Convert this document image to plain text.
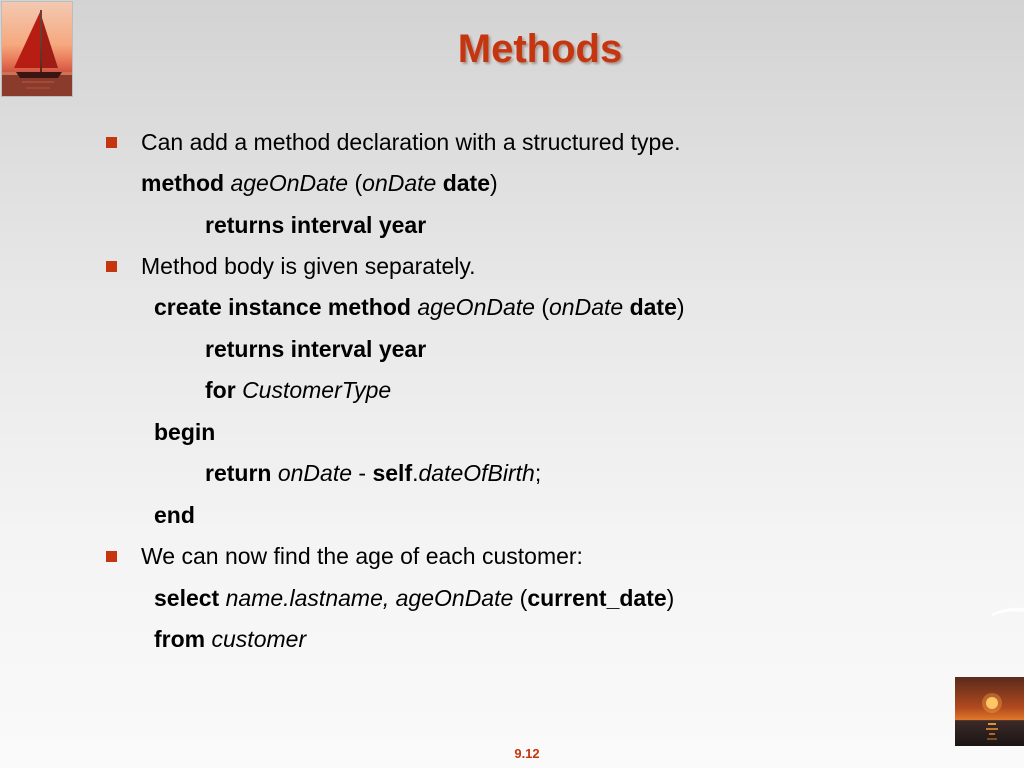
Methods
Can add a method declaration with a structured type.
method ageOnDate (onDate date)
returns interval year
Method body is given separately.
create instance method ageOnDate (onDate date)
returns interval year
for CustomerType
begin
return onDate - self.dateOfBirth;
end
We can now find the age of each customer:
select name.lastname, ageOnDate (current_date)
from customer
9.12
